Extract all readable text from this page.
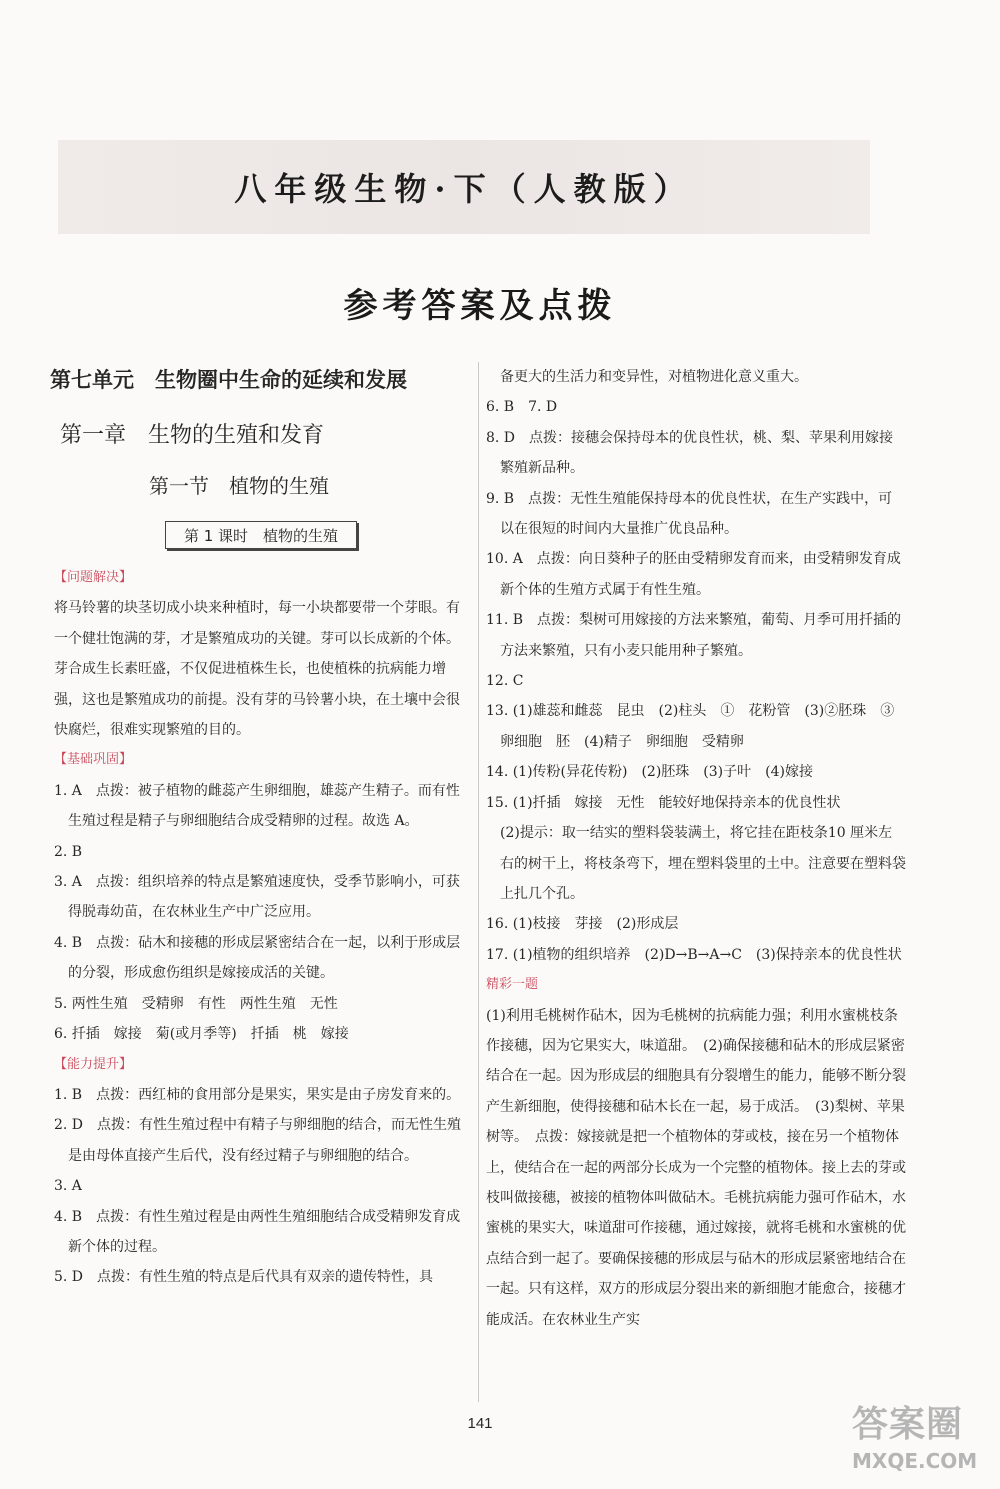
八年级生物·下（人教版）
参考答案及点拨
第七单元　生物圈中生命的延续和发展
第一章　生物的生殖和发育
第一节　植物的生殖
第 1 课时　植物的生殖

【问题解决】

将马铃薯的块茎切成小块来种植时，每一小块都要带一个芽眼。有一个健壮饱满的芽，才是繁殖成功的关键。芽可以长成新的个体。芽合成生长素旺盛，不仅促进植株生长，也使植株的抗病能力增强，这也是繁殖成功的前提。没有芽的马铃薯小块，在土壤中会很快腐烂，很难实现繁殖的目的。

【基础巩固】

1. A　点拨：被子植物的雌蕊产生卵细胞，雄蕊产生精子。而有性生殖过程是精子与卵细胞结合成受精卵的过程。故选 A。

2. B

3. A　点拨：组织培养的特点是繁殖速度快，受季节影响小，可获得脱毒幼苗，在农林业生产中广泛应用。

4. B　点拨：砧木和接穗的形成层紧密结合在一起，以利于形成层的分裂，形成愈伤组织是嫁接成活的关键。

5. 两性生殖　受精卵　有性　两性生殖　无性

6. 扦插　嫁接　菊(或月季等)　扦插　桃　嫁接

【能力提升】

1. B　点拨：西红柿的食用部分是果实，果实是由子房发育来的。

2. D　点拨：有性生殖过程中有精子与卵细胞的结合，而无性生殖是由母体直接产生后代，没有经过精子与卵细胞的结合。

3. A

4. B　点拨：有性生殖过程是由两性生殖细胞结合成受精卵发育成新个体的过程。

5. D　点拨：有性生殖的特点是后代具有双亲的遗传特性，具

　备更大的生活力和变异性，对植物进化意义重大。

6. B　7. D

8. D　点拨：接穗会保持母本的优良性状，桃、梨、苹果利用嫁接繁殖新品种。

9. B　点拨：无性生殖能保持母本的优良性状，在生产实践中，可以在很短的时间内大量推广优良品种。

10. A　点拨：向日葵种子的胚由受精卵发育而来，由受精卵发育成新个体的生殖方式属于有性生殖。

11. B　点拨：梨树可用嫁接的方法来繁殖，葡萄、月季可用扦插的方法来繁殖，只有小麦只能用种子繁殖。

12. C

13. (1)雄蕊和雌蕊　昆虫　(2)柱头　①　花粉管　(3)②胚珠　③　卵细胞　胚　(4)精子　卵细胞　受精卵

14. (1)传粉(异花传粉)　(2)胚珠　(3)子叶　(4)嫁接

15. (1)扦插　嫁接　无性　能较好地保持亲本的优良性状

　(2)提示：取一结实的塑料袋装满土，将它挂在距枝条10 厘米左右的树干上，将枝条弯下，埋在塑料袋里的土中。注意要在塑料袋上扎几个孔。

16. (1)枝接　芽接　(2)形成层

17. (1)植物的组织培养　(2)D→B→A→C　(3)保持亲本的优良性状

精彩一题

(1)利用毛桃树作砧木，因为毛桃树的抗病能力强；利用水蜜桃枝条作接穗，因为它果实大，味道甜。　(2)确保接穗和砧木的形成层紧密结合在一起。因为形成层的细胞具有分裂增生的能力，能够不断分裂产生新细胞，使得接穗和砧木长在一起，易于成活。　(3)梨树、苹果树等。　点拨：嫁接就是把一个植物体的芽或枝，接在另一个植物体上，使结合在一起的两部分长成为一个完整的植物体。接上去的芽或枝叫做接穗，被接的植物体叫做砧木。毛桃抗病能力强可作砧木，水蜜桃的果实大，味道甜可作接穗，通过嫁接，就将毛桃和水蜜桃的优点结合到一起了。要确保接穗的形成层与砧木的形成层紧密地结合在一起。只有这样，双方的形成层分裂出来的新细胞才能愈合，接穗才能成活。在农林业生产实

141	答案圈
MXQE.COM
